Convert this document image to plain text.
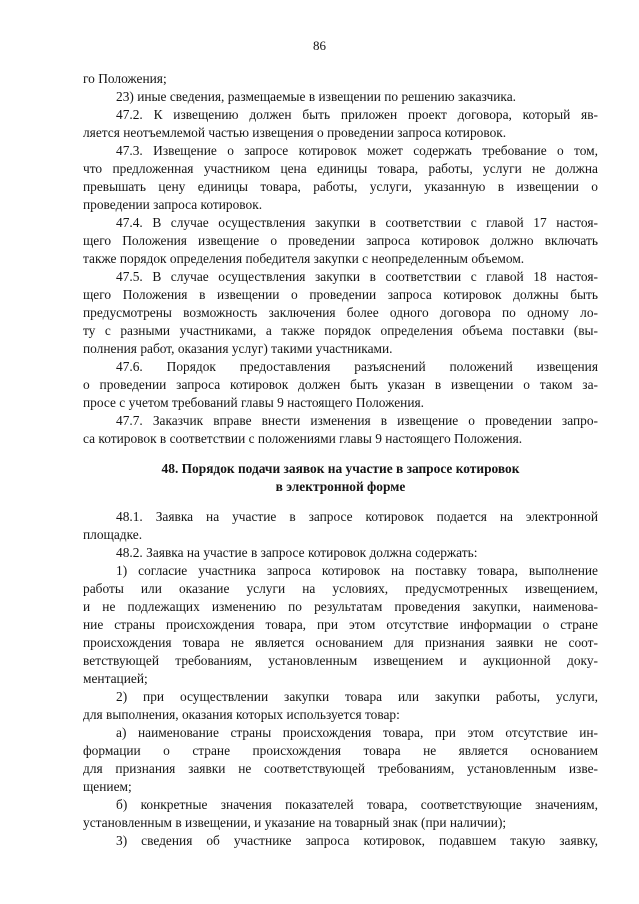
86

го Положения;

23) иные сведения, размещаемые в извещении по решению заказчика.

47.2. К извещению должен быть приложен проект договора, который яв-

ляется неотъемлемой частью извещения о проведении запроса котировок.

47.3. Извещение о запросе котировок может содержать требование о том,

что предложенная участником цена единицы товара, работы, услуги не должна

превышать цену единицы товара, работы, услуги, указанную в извещении о

проведении запроса котировок.

47.4. В случае осуществления закупки в соответствии с главой 17 настоя-

щего Положения извещение о проведении запроса котировок должно включать

также порядок определения победителя закупки с неопределенным объемом.

47.5. В случае осуществления закупки в соответствии с главой 18 настоя-

щего Положения в извещении о проведении запроса котировок должны быть

предусмотрены возможность заключения более одного договора по одному ло-

ту с разными участниками, а также порядок определения объема поставки (вы-

полнения работ, оказания услуг) такими участниками.

47.6. Порядок предоставления разъяснений положений извещения

о проведении запроса котировок должен быть указан в извещении о таком за-

просе с учетом требований главы 9 настоящего Положения.

47.7. Заказчик вправе внести изменения в извещение о проведении запро-

са котировок в соответствии с положениями главы 9 настоящего Положения.

48. Порядок подачи заявок на участие в запросе котировок
в электронной форме

48.1. Заявка на участие в запросе котировок подается на электронной

площадке.

48.2. Заявка на участие в запросе котировок должна содержать:

1) согласие участника запроса котировок на поставку товара, выполнение

работы или оказание услуги на условиях, предусмотренных извещением,

и не подлежащих изменению по результатам проведения закупки, наименова-

ние страны происхождения товара, при этом отсутствие информации о стране

происхождения товара не является основанием для признания заявки не соот-

ветствующей требованиям, установленным извещением и аукционной доку-

ментацией;

2) при осуществлении закупки товара или закупки работы, услуги,

для выполнения, оказания которых используется товар:

а) наименование страны происхождения товара, при этом отсутствие ин-

формации о стране происхождения товара не является основанием

для признания заявки не соответствующей требованиям, установленным изве-

щением;

б) конкретные значения показателей товара, соответствующие значениям,

установленным в извещении, и указание на товарный знак (при наличии);

3) сведения об участнике запроса котировок, подавшем такую заявку,
